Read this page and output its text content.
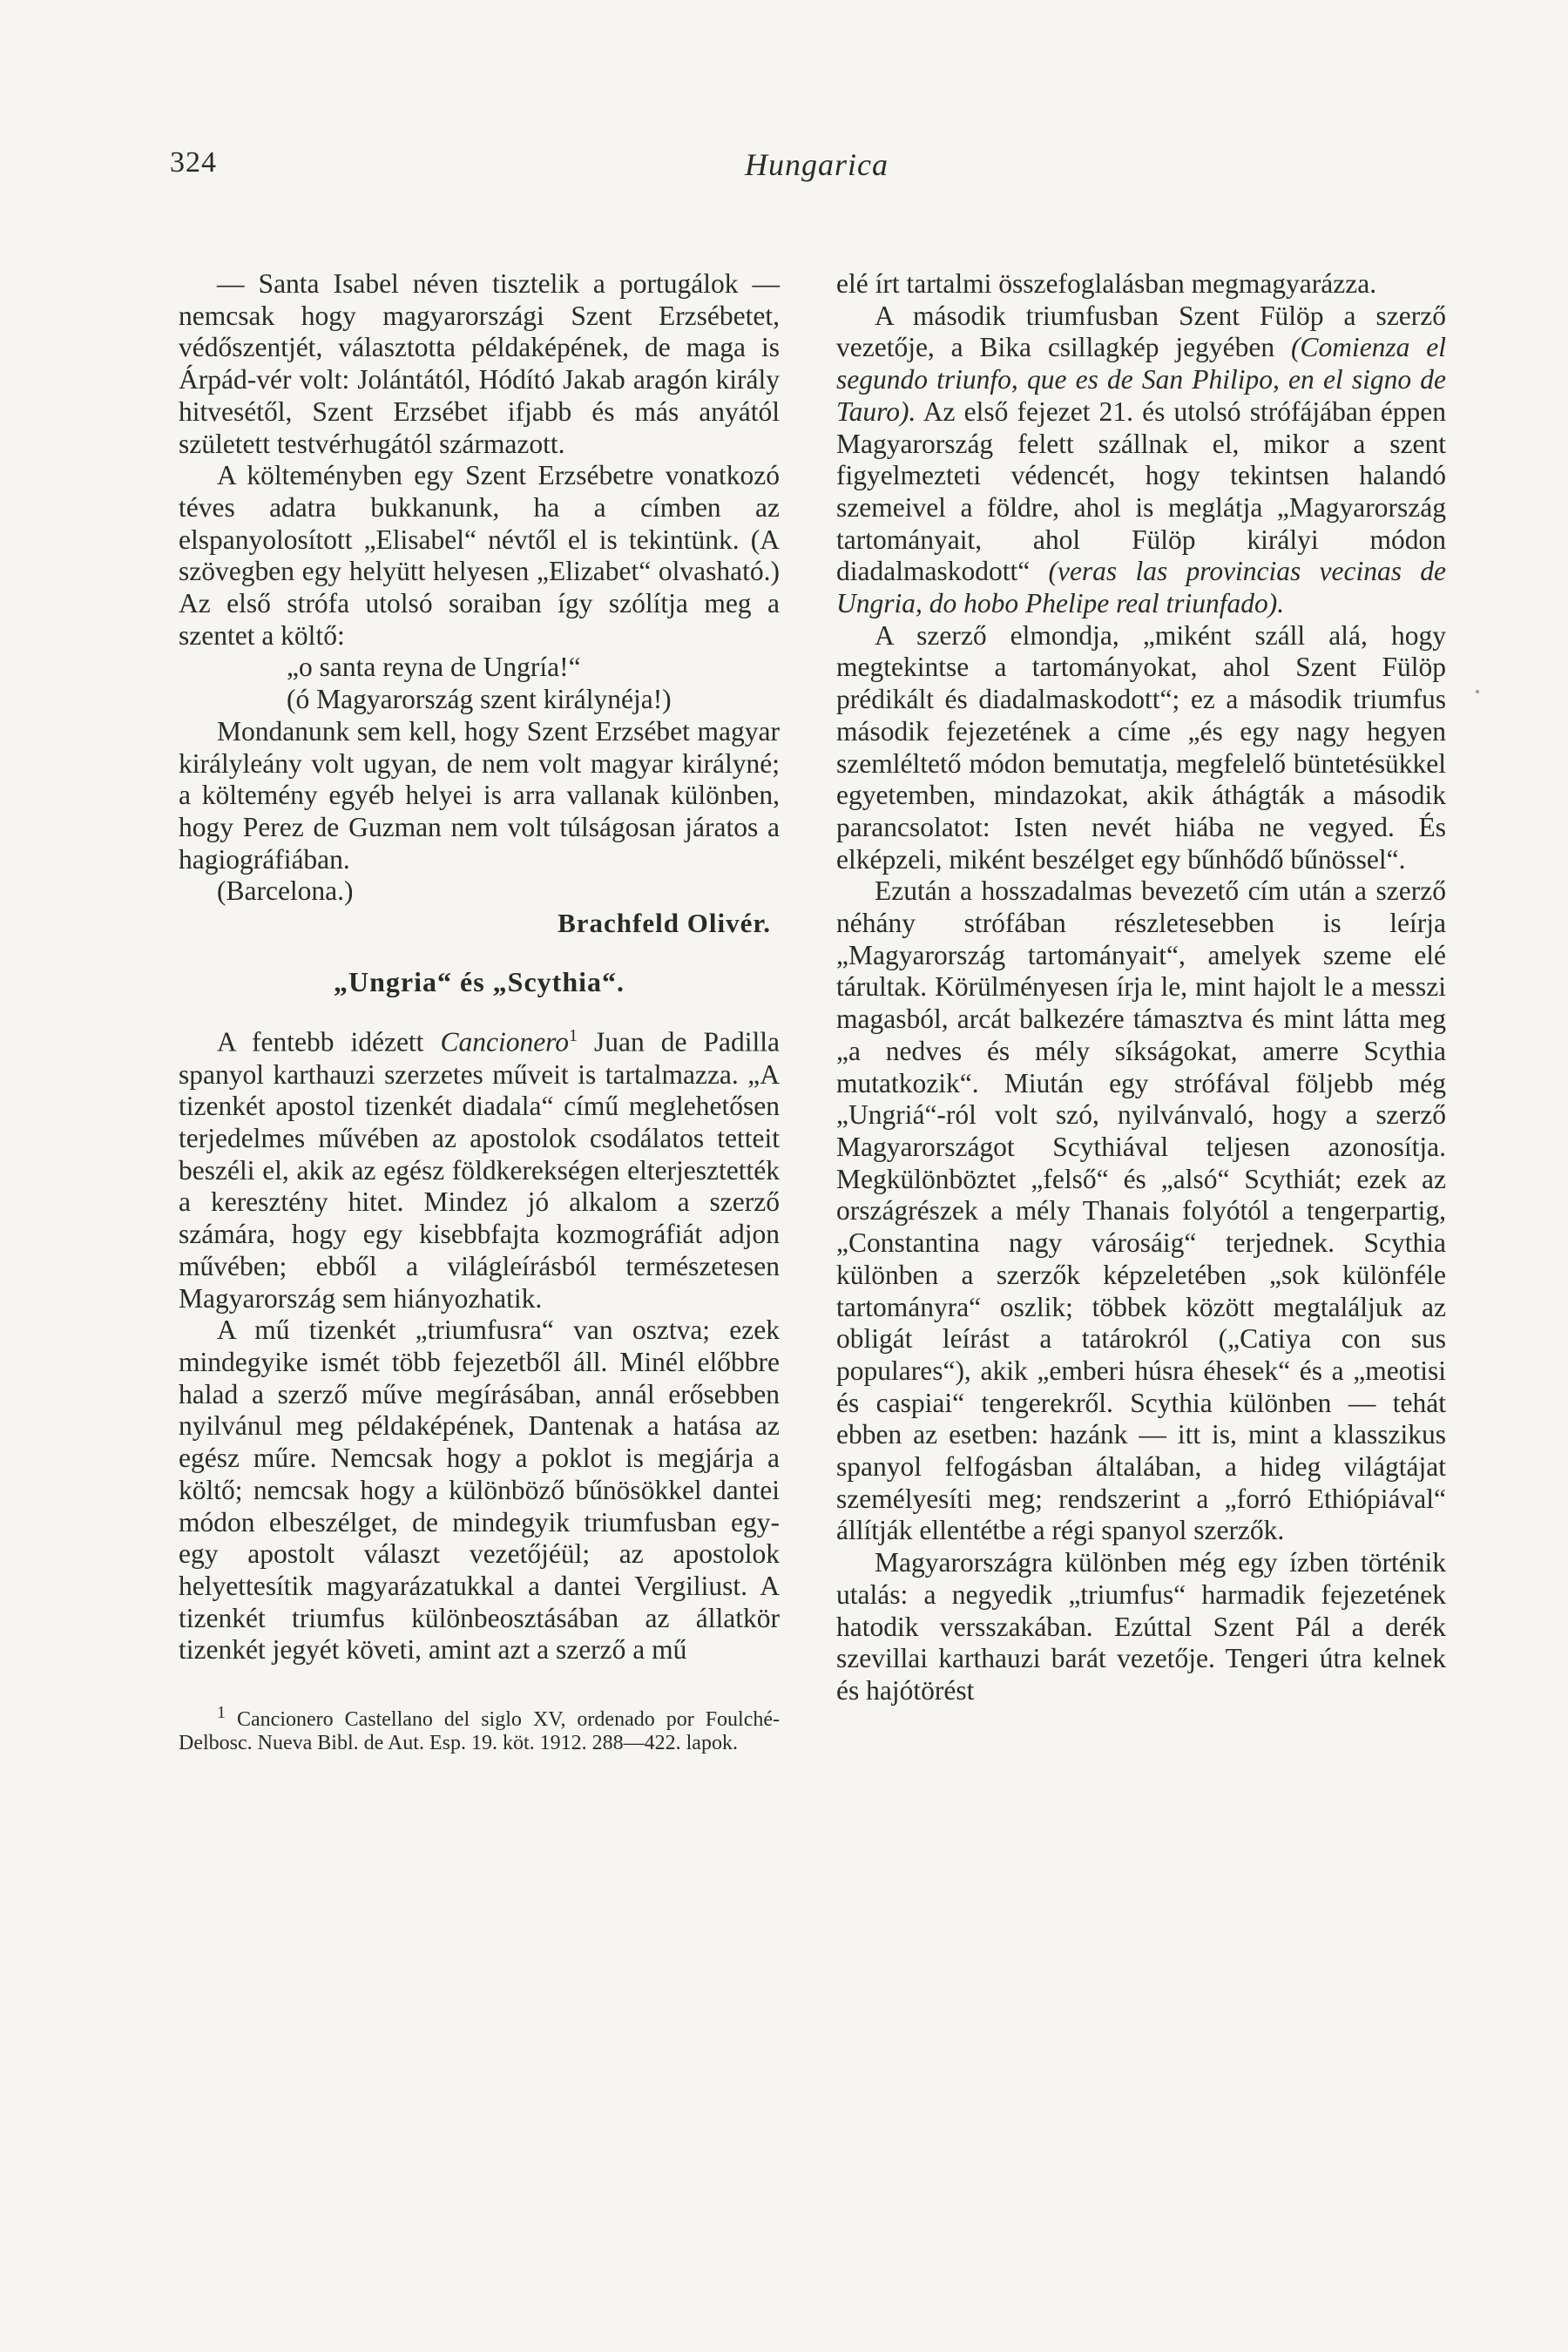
324	Hungarica

— Santa Isabel néven tisztelik a portugálok — nemcsak hogy magyarországi Szent Erzsébetet, védőszentjét, választotta példaképének, de maga is Árpád-vér volt: Jolántától, Hódító Jakab aragón király hitvesétől, Szent Erzsébet ifjabb és más anyától született testvérhugától származott.

A költeményben egy Szent Erzsébetre vonatkozó téves adatra bukkanunk, ha a címben az elspanyolosított „Elisabel“ névtől el is tekintünk. (A szövegben egy helyütt helyesen „Elizabet“ olvasható.) Az első strófa utolsó soraiban így szólítja meg a szentet a költő:

„o santa reyna de Ungría!“

(ó Magyarország szent királynéja!)

Mondanunk sem kell, hogy Szent Erzsébet magyar királyleány volt ugyan, de nem volt magyar királyné; a költemény egyéb helyei is arra vallanak különben, hogy Perez de Guzman nem volt túlságosan járatos a hagiográfiában.

(Barcelona.)

Brachfeld Olivér.

„Ungria“ és „Scythia“.

A fentebb idézett Cancionero$^1$ Juan de Padilla spanyol karthauzi szerzetes műveit is tartalmazza. „A tizenkét apostol tizenkét diadala“ című meglehetősen terjedelmes művében az apostolok csodálatos tetteit beszéli el, akik az egész földkerekségen elterjesztették a keresztény hitet. Mindez jó alkalom a szerző számára, hogy egy kisebbfajta kozmográfiát adjon művében; ebből a világleírásból természetesen Magyarország sem hiányozhatik.

A mű tizenkét „triumfusra“ van osztva; ezek mindegyike ismét több fejezetből áll. Minél előbbre halad a szerző műve megírásában, annál erősebben nyilvánul meg példaképének, Dantenak a hatása az egész műre. Nemcsak hogy a poklot is megjárja a költő; nemcsak hogy a különböző bűnösökkel dantei módon elbeszélget, de mindegyik triumfusban egy-egy apostolt választ vezetőjéül; az apostolok helyettesítik magyarázatukkal a dantei Vergiliust. A tizenkét triumfus különbeosztásában az állatkör tizenkét jegyét követi, amint azt a szerző a mű

$^1$ Cancionero Castellano del siglo XV, ordenado por Foulché-Delbosc. Nueva Bibl. de Aut. Esp. 19. köt. 1912. 288—422. lapok.

elé írt tartalmi összefoglalásban megmagyarázza.

A második triumfusban Szent Fülöp a szerző vezetője, a Bika csillagkép jegyében (Comienza el segundo triunfo, que es de San Philipo, en el signo de Tauro). Az első fejezet 21. és utolsó strófájában éppen Magyarország felett szállnak el, mikor a szent figyelmezteti védencét, hogy tekintsen halandó szemeivel a földre, ahol is meglátja „Magyarország tartományait, ahol Fülöp királyi módon diadalmaskodott“ (veras las provincias vecinas de Ungria, do hobo Phelipe real triunfado).

A szerző elmondja, „miként száll alá, hogy megtekintse a tartományokat, ahol Szent Fülöp prédikált és diadalmaskodott“; ez a második triumfus második fejezetének a címe „és egy nagy hegyen szemléltető módon bemutatja, megfelelő büntetésükkel egyetemben, mindazokat, akik áthágták a második parancsolatot: Isten nevét hiába ne vegyed. És elképzeli, miként beszélget egy bűnhődő bűnössel“.

Ezután a hosszadalmas bevezető cím után a szerző néhány strófában részletesebben is leírja „Magyarország tartományait“, amelyek szeme elé tárultak. Körülményesen írja le, mint hajolt le a messzi magasból, arcát balkezére támasztva és mint látta meg „a nedves és mély síkságokat, amerre Scythia mutatkozik“. Miután egy strófával följebb még „Ungriá“-ról volt szó, nyilvánvaló, hogy a szerző Magyarországot Scythiával teljesen azonosítja. Megkülönböztet „felső“ és „alsó“ Scythiát; ezek az országrészek a mély Thanais folyótól a tengerpartig, „Constantina nagy városáig“ terjednek. Scythia különben a szerzők képzeletében „sok különféle tartományra“ oszlik; többek között megtaláljuk az obligát leírást a tatárokról („Catiya con sus populares“), akik „emberi húsra éhesek“ és a „meotisi és caspiai“ tengerekről. Scythia különben — tehát ebben az esetben: hazánk — itt is, mint a klasszikus spanyol felfogásban általában, a hideg világtájat személyesíti meg; rendszerint a „forró Ethiópiával“ állítják ellentétbe a régi spanyol szerzők.

Magyarországra különben még egy ízben történik utalás: a negyedik „triumfus“ harmadik fejezetének hatodik versszakában. Ezúttal Szent Pál a derék szevillai karthauzi barát vezetője. Tengeri útra kelnek és hajótörést
